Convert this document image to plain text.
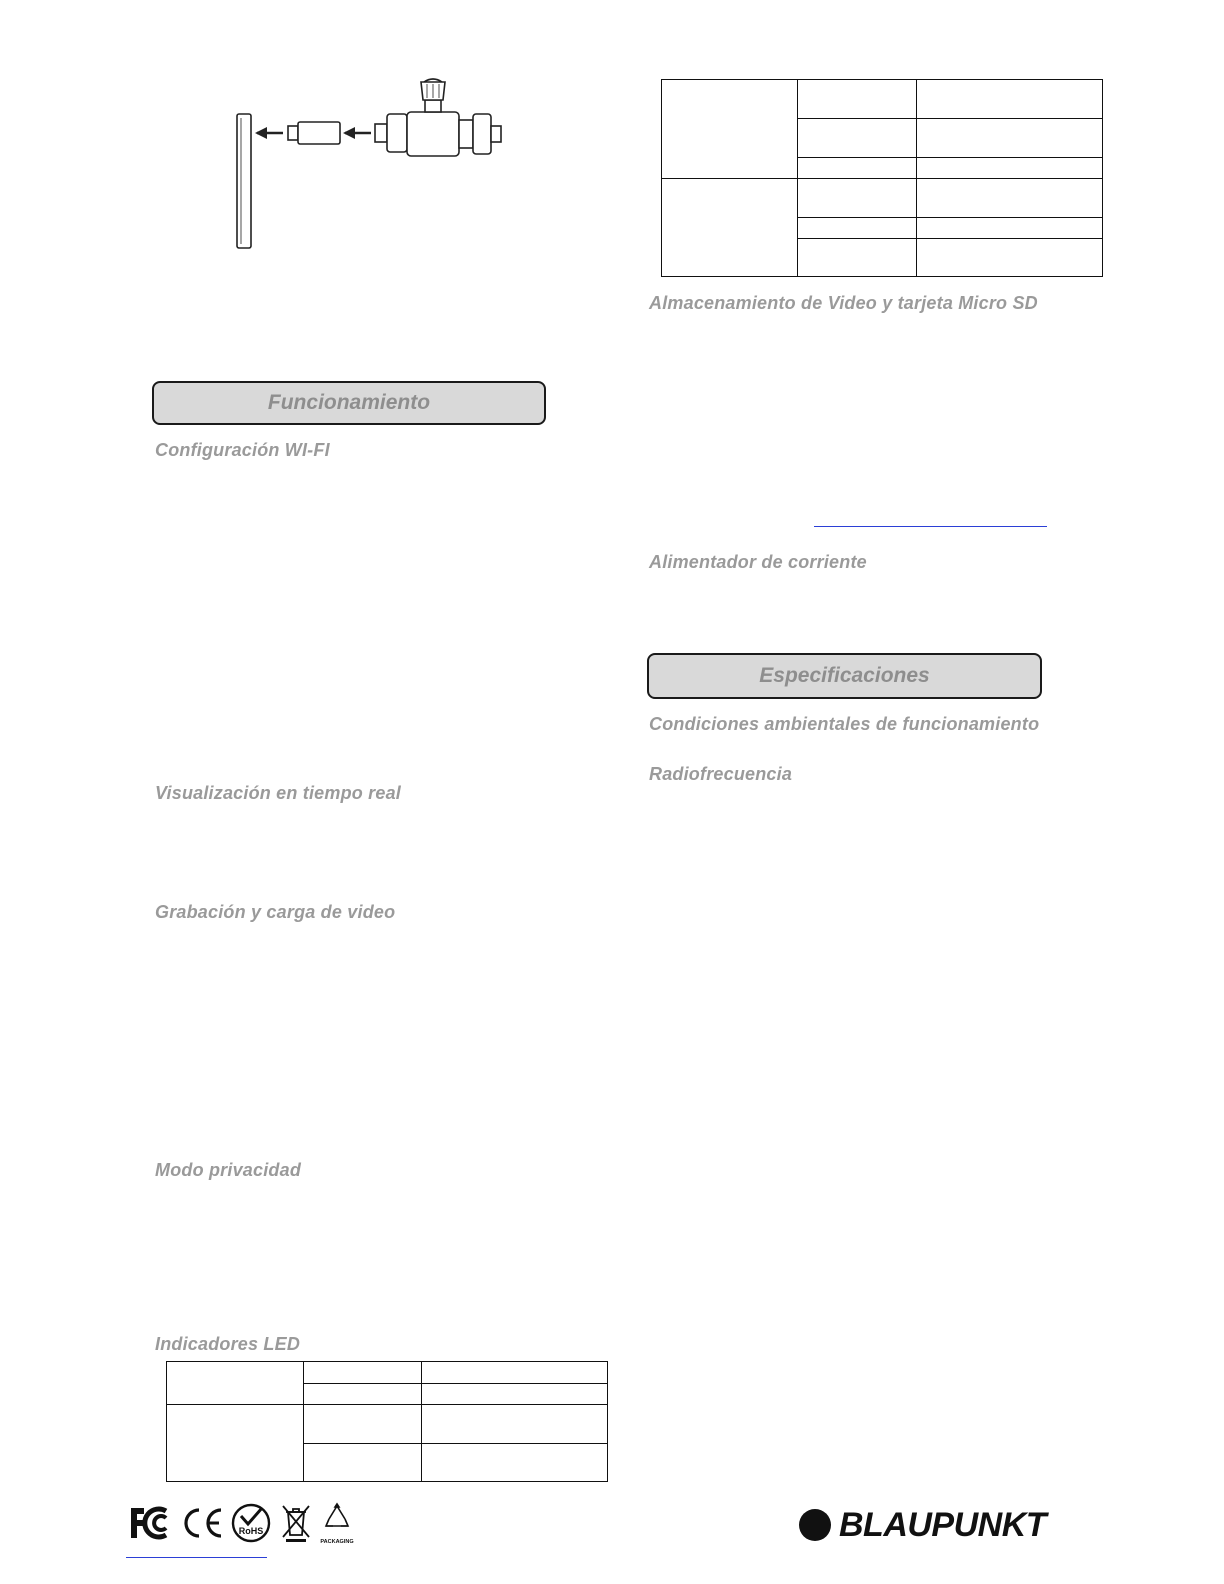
Funcionamiento
Configuración WI-FI
Visualización en tiempo real
Grabación y carga de video
Modo privacidad
Indicadores LED

Almacenamiento de Video y tarjeta Micro SD
Alimentador de corriente
Especificaciones
Condiciones ambientales de funcionamiento
Radiofrecuencia
RoHS
PACKAGING	BLAUPUNKT
